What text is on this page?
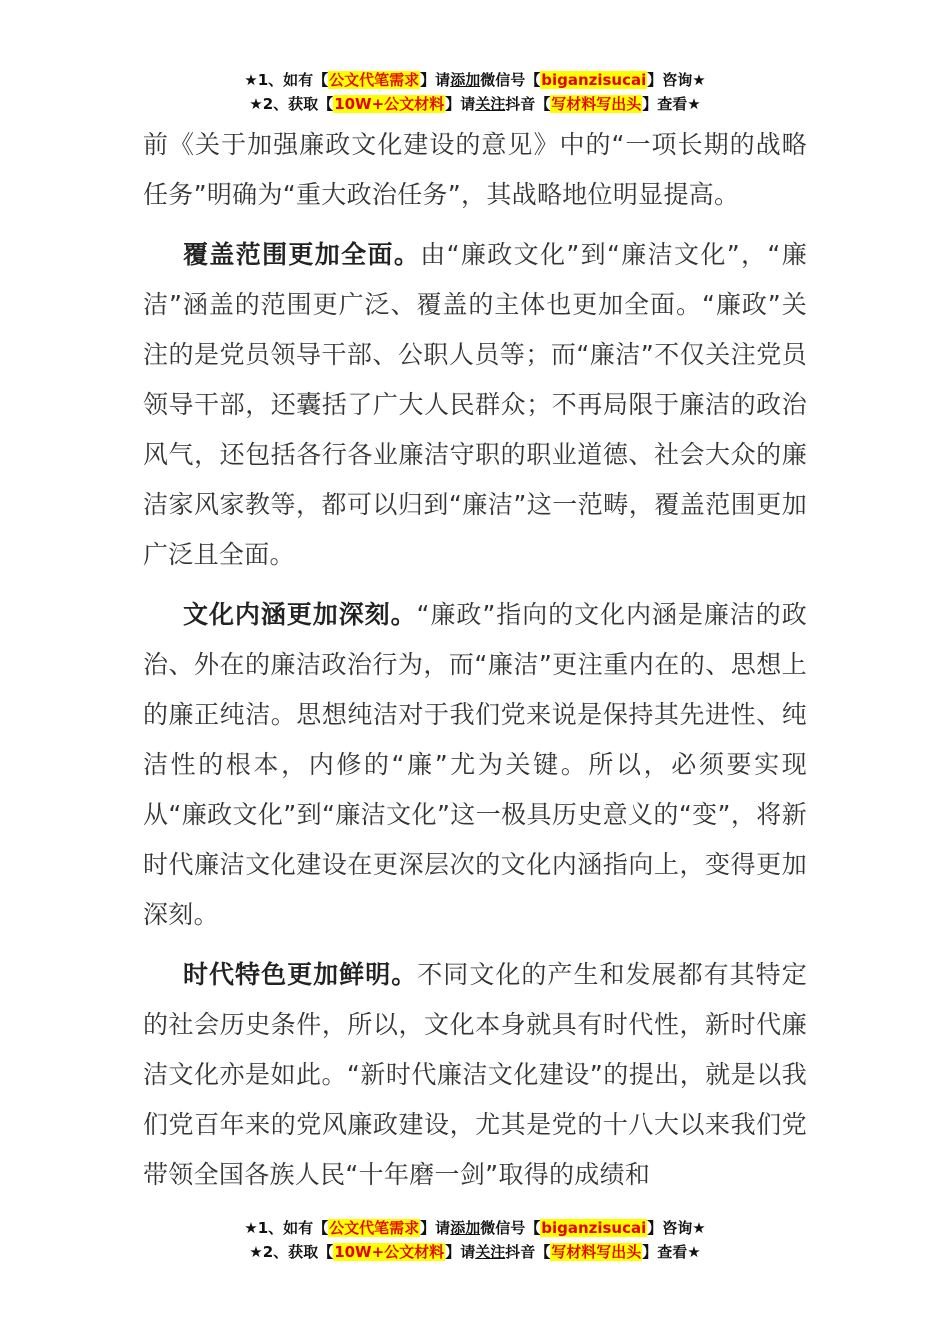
★1、如有【公文代笔需求】请添加微信号【biganzisucai】咨询★
★2、获取【10W+公文材料】请关注抖音【写材料写出头】查看★

前《关于加强廉政文化建设的意见》中的“一项长期的战略任务”明确为“重大政治任务”，其战略地位明显提高。

覆盖范围更加全面。由“廉政文化”到“廉洁文化”，“廉洁”涵盖的范围更广泛、覆盖的主体也更加全面。“廉政”关注的是党员领导干部、公职人员等；而“廉洁”不仅关注党员领导干部，还囊括了广大人民群众；不再局限于廉洁的政治风气，还包括各行各业廉洁守职的职业道德、社会大众的廉洁家风家教等，都可以归到“廉洁”这一范畴，覆盖范围更加广泛且全面。

文化内涵更加深刻。“廉政”指向的文化内涵是廉洁的政治、外在的廉洁政治行为，而“廉洁”更注重内在的、思想上的廉正纯洁。思想纯洁对于我们党来说是保持其先进性、纯洁性的根本，内修的“廉”尤为关键。所以，必须要实现从“廉政文化”到“廉洁文化”这一极具历史意义的“变”，将新时代廉洁文化建设在更深层次的文化内涵指向上，变得更加深刻。

时代特色更加鲜明。不同文化的产生和发展都有其特定的社会历史条件，所以，文化本身就具有时代性，新时代廉洁文化亦是如此。“新时代廉洁文化建设”的提出，就是以我们党百年来的党风廉政建设，尤其是党的十八大以来我们党带领全国各族人民“十年磨一剑”取得的成绩和

★1、如有【公文代笔需求】请添加微信号【biganzisucai】咨询★
★2、获取【10W+公文材料】请关注抖音【写材料写出头】查看★
